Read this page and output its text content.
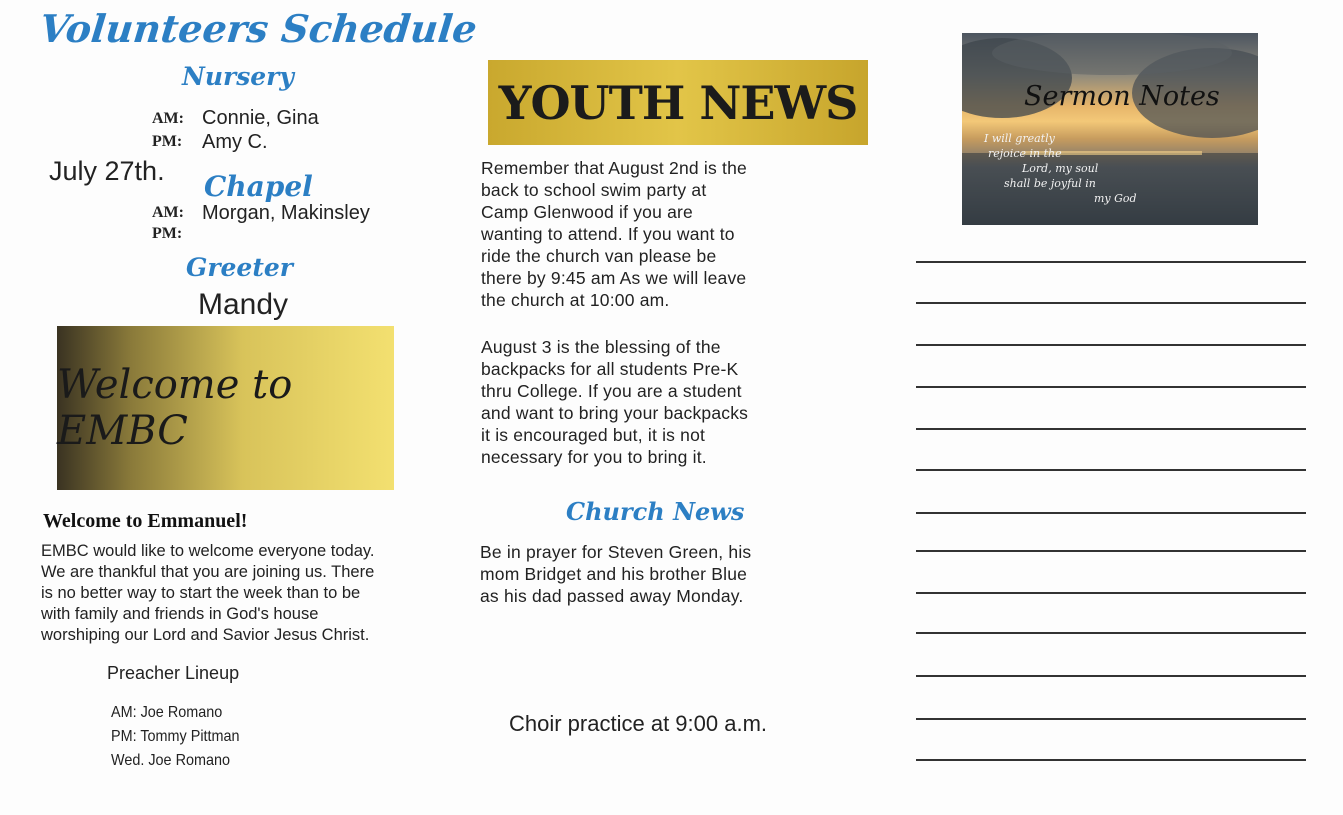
Volunteers Schedule
Nursery
AM: Connie, Gina
PM: Amy C.
July 27th. Chapel
AM: Morgan, Makinsley
PM:
Greeter
Mandy
Welcome to EMBC
Welcome to Emmanuel!
EMBC would like to welcome everyone today.
We are thankful that you are joining us. There
is no better way to start the week than to be
with family and friends in God's house
worshiping our Lord and Savior Jesus Christ.
Preacher Lineup
AM: Joe Romano
PM: Tommy Pittman
Wed. Joe Romano
YOUTH NEWS
Remember that August 2nd is the
back to school swim party at
Camp Glenwood if you are
wanting to attend. If you want to
ride the church van please be
there by 9:45 am As we will leave
the church at 10:00 am.
August 3 is the blessing of the
backpacks for all students Pre-K
thru College. If you are a student
and want to bring your backpacks
it is encouraged but, it is not
necessary for you to bring it.
Church News
Be in prayer for Steven Green, his
mom Bridget and his brother Blue
as his dad passed away Monday.
Choir practice at 9:00 a.m.
Sermon Notes
I will greatly
rejoice in the
Lord, my soul
shall be joyful in
my God
